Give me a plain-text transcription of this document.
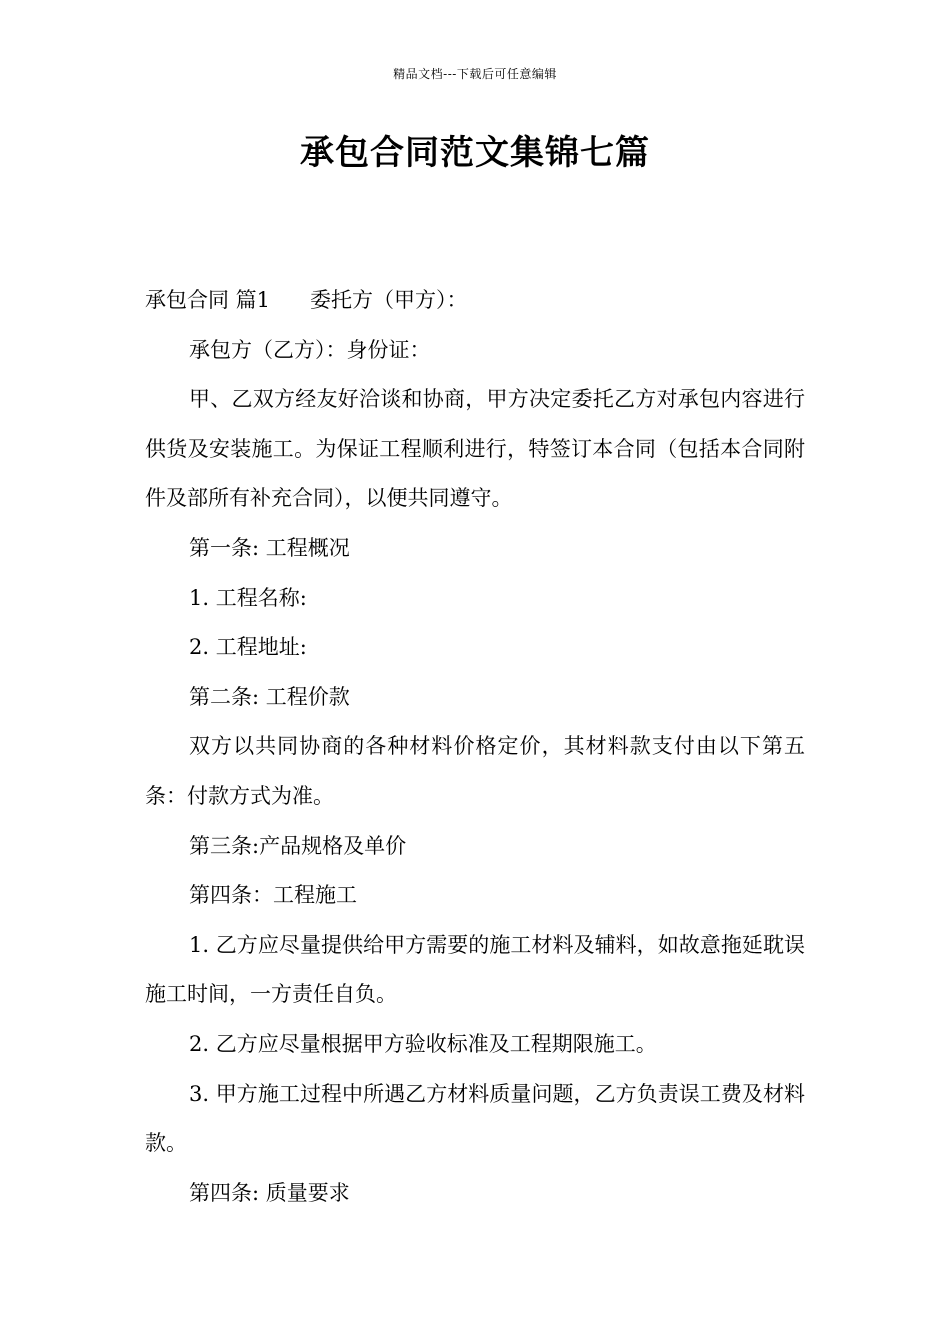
精品文档---下载后可任意编辑
承包合同范文集锦七篇

承包合同 篇1 委托方（甲方）：

承包方（乙方）：身份证：

甲、乙双方经友好洽谈和协商，甲方决定委托乙方对承包内容进行供货及安装施工。为保证工程顺利进行，特签订本合同（包括本合同附件及部所有补充合同），以便共同遵守。

第一条: 工程概况

1. 工程名称:

2. 工程地址:

第二条: 工程价款

双方以共同协商的各种材料价格定价，其材料款支付由以下第五条：付款方式为准。

第三条:产品规格及单价

第四条：工程施工

1. 乙方应尽量提供给甲方需要的施工材料及辅料，如故意拖延耽误施工时间，一方责任自负。

2. 乙方应尽量根据甲方验收标准及工程期限施工。

3. 甲方施工过程中所遇乙方材料质量问题，乙方负责误工费及材料款。

第四条: 质量要求
